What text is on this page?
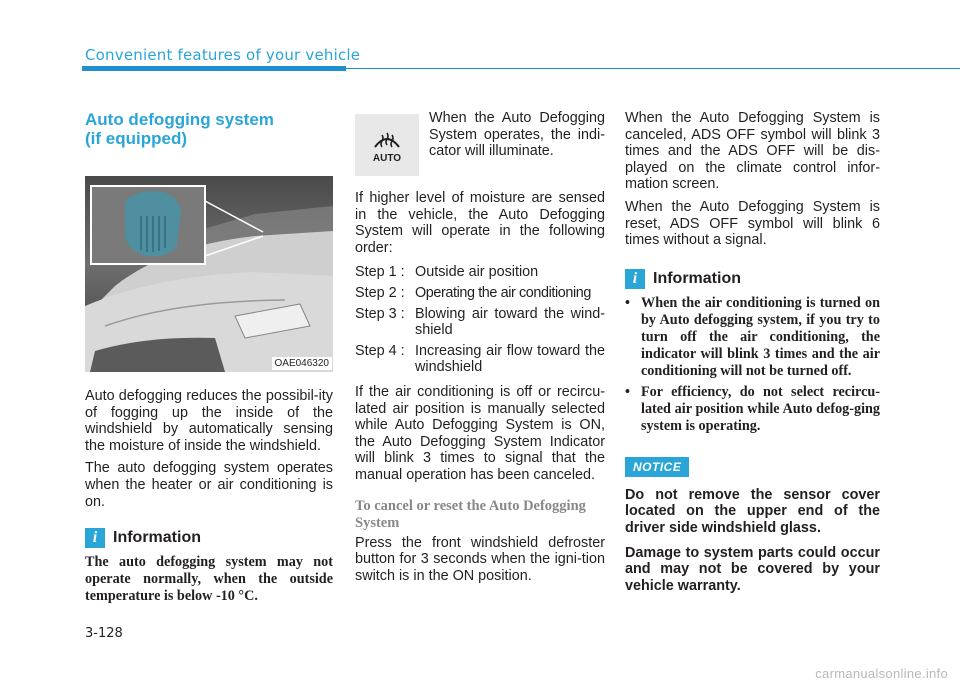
Convenient features of your vehicle
Auto defogging system
(if equipped)
OAE046320

Auto defogging reduces the possibil-ity of fogging up the inside of the windshield by automatically sensing the moisture of inside the windshield.

The auto defogging system operates when the heater or air conditioning is on.

i Information

The auto defogging system may not operate normally, when the outside temperature is below -10 °C.

AUTO

When the Auto Defogging System operates, the indi-cator will illuminate.

If higher level of moisture are sensed in the vehicle, the Auto Defogging System will operate in the following order:

Step 1 : Outside air position
Step 2 : Operating the air conditioning
Step 3 : Blowing air toward the wind-shield
Step 4 : Increasing air flow toward the windshield

If the air conditioning is off or recircu-lated air position is manually selected while Auto Defogging System is ON, the Auto Defogging System Indicator will blink 3 times to signal that the manual operation has been canceled.

To cancel or reset the Auto Defogging System

Press the front windshield defroster button for 3 seconds when the igni-tion switch is in the ON position.

When the Auto Defogging System is canceled, ADS OFF symbol will blink 3 times and the ADS OFF will be dis-played on the climate control infor-mation screen.

When the Auto Defogging System is reset, ADS OFF symbol will blink 6 times without a signal.

i Information
• When the air conditioning is turned on by Auto defogging system, if you try to turn off the air conditioning, the indicator will blink 3 times and the air conditioning will not be turned off.
• For efficiency, do not select recircu-lated air position while Auto defog-ging system is operating.
NOTICE

Do not remove the sensor cover located on the upper end of the driver side windshield glass.

Damage to system parts could occur and may not be covered by your vehicle warranty.

3-128
carmanualsonline.info
